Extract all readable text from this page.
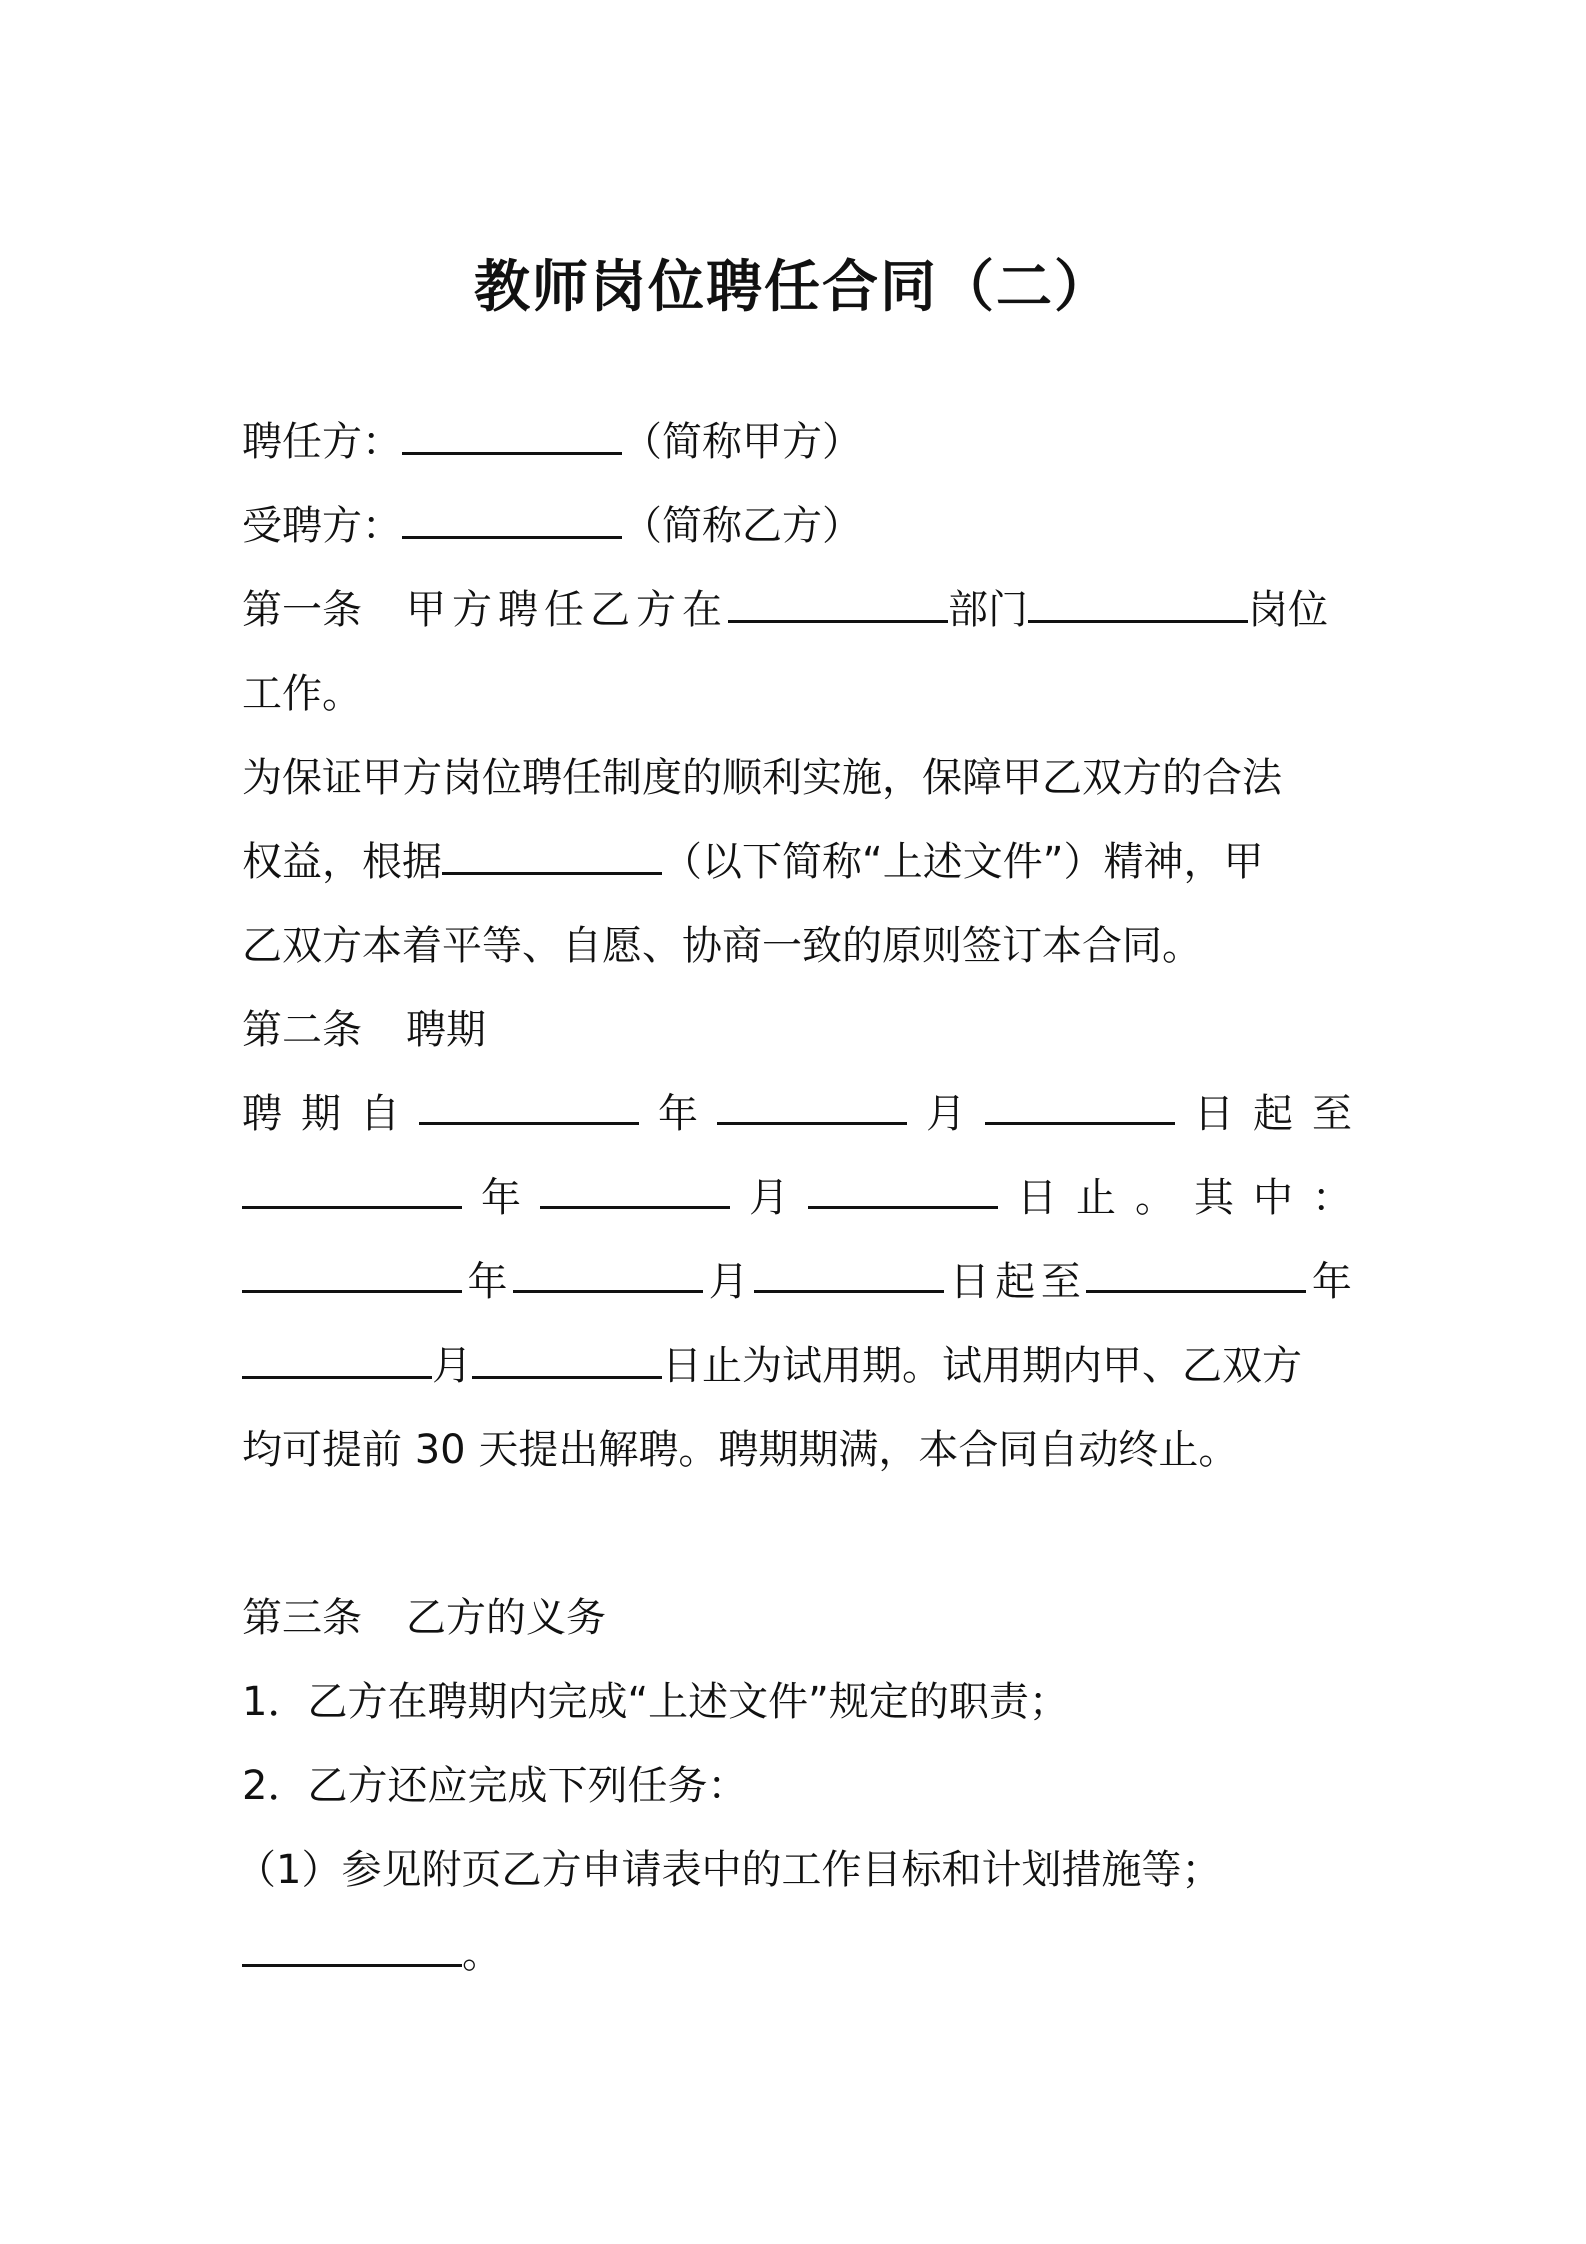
教师岗位聘任合同（二）
聘任方：	（简称甲方）
受聘方：	（简称乙方）
第一条 甲方聘任乙方在	部门	岗位
工作。
为保证甲方岗位聘任制度的顺利实施，保障甲乙双方的合法
权益，根据	（以下简称“上述文件”）精神，甲
乙双方本着平等、自愿、协商一致的原则签订本合同。
第二条 聘期
聘 期 自	年	月	日 起 至
年	月	日 止 。 其 中 ：
年	月	日 起 至	年
月	日止为试用期。试用期内甲、乙双方
均可提前 30 天提出解聘。聘期期满，本合同自动终止。
第三条 乙方的义务
1．乙方在聘期内完成“上述文件”规定的职责；
2．乙方还应完成下列任务：
（1）参见附页乙方申请表中的工作目标和计划措施等；
。
